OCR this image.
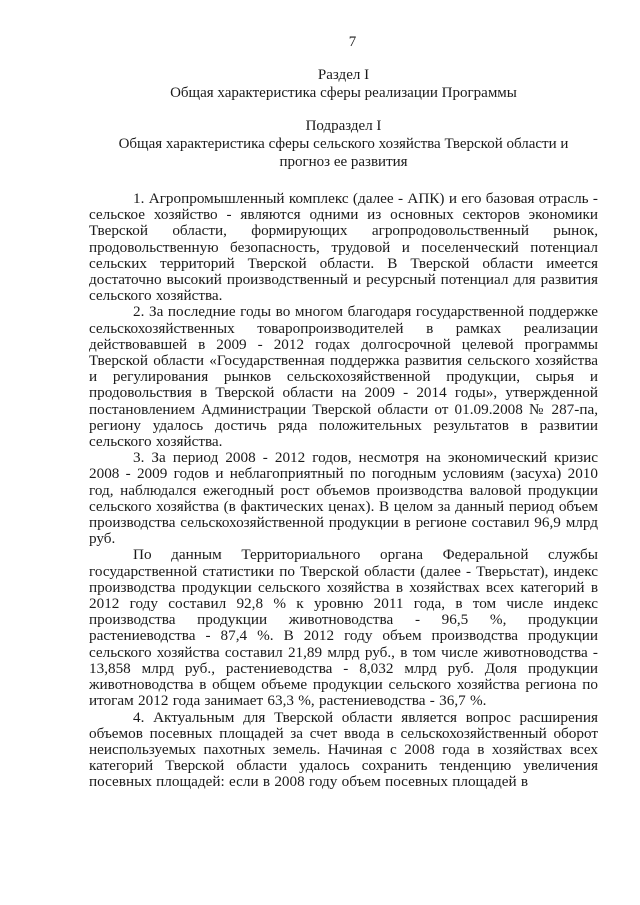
7

Раздел I

Общая характеристика сферы реализации Программы

Подраздел I

Общая характеристика сферы сельского хозяйства Тверской области и

прогноз ее развития

1. Агропромышленный комплекс (далее - АПК) и его базовая отрасль - сельское хозяйство - являются одними из основных секторов экономики Тверской области, формирующих агропродовольственный рынок, продовольственную безопасность, трудовой и поселенческий потенциал сельских территорий Тверской области. В Тверской области имеется достаточно высокий производственный и ресурсный потенциал для развития сельского хозяйства.

2. За последние годы во многом благодаря государственной поддержке сельскохозяйственных товаропроизводителей в рамках реализации действовавшей в 2009 - 2012 годах долгосрочной целевой программы Тверской области «Государственная поддержка развития сельского хозяйства и регулирования рынков сельскохозяйственной продукции, сырья и продовольствия в Тверской области на 2009 - 2014 годы», утвержденной постановлением Администрации Тверской области от 01.09.2008 № 287-па, региону удалось достичь ряда положительных результатов в развитии сельского хозяйства.

3. За период 2008 - 2012 годов, несмотря на экономический кризис 2008 - 2009 годов и неблагоприятный по погодным условиям (засуха) 2010 год, наблюдался ежегодный рост объемов производства валовой продукции сельского хозяйства (в фактических ценах). В целом за данный период объем производства сельскохозяйственной продукции в регионе составил 96,9 млрд руб.

По данным Территориального органа Федеральной службы государственной статистики по Тверской области (далее - Тверьстат), индекс производства продукции сельского хозяйства в хозяйствах всех категорий в 2012 году составил 92,8 % к уровню 2011 года, в том числе индекс производства продукции животноводства - 96,5 %, продукции растениеводства - 87,4 %. В 2012 году объем производства продукции сельского хозяйства составил 21,89 млрд руб., в том числе животноводства - 13,858 млрд руб., растениеводства - 8,032 млрд руб. Доля продукции животноводства в общем объеме продукции сельского хозяйства региона по итогам 2012 года занимает 63,3 %, растениеводства - 36,7 %.

4. Актуальным для Тверской области является вопрос расширения объемов посевных площадей за счет ввода в сельскохозяйственный оборот неиспользуемых пахотных земель. Начиная с 2008 года в хозяйствах всех категорий Тверской области удалось сохранить тенденцию увеличения посевных площадей: если в 2008 году объем посевных площадей в
